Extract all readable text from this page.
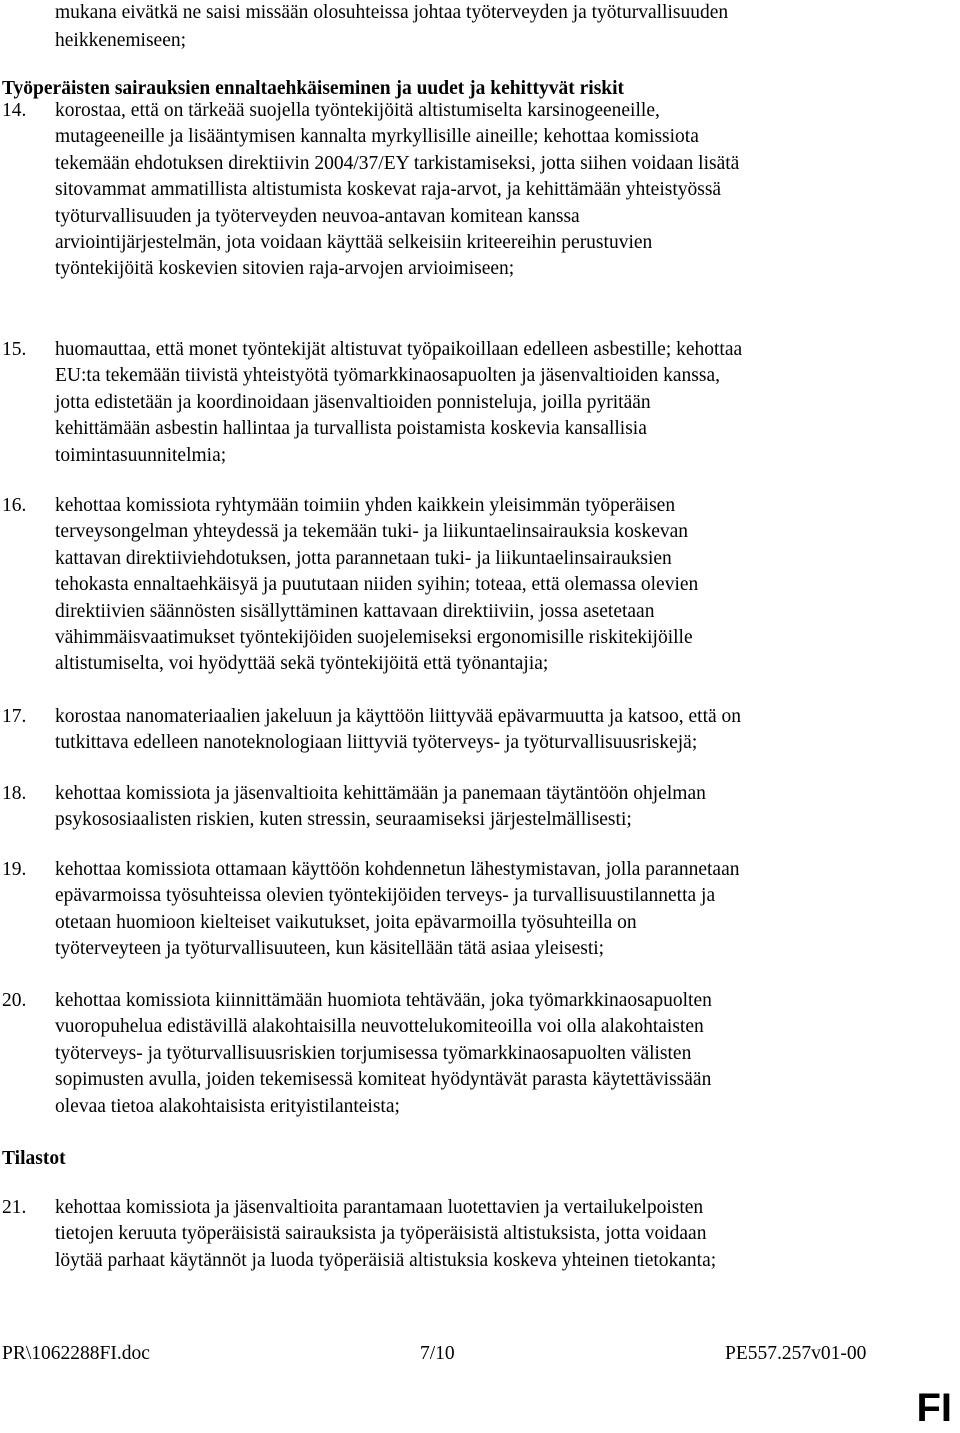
mukana eivätkä ne saisi missään olosuhteissa johtaa työterveyden ja työturvallisuuden
heikkenemiseen;
Työperäisten sairauksien ennaltaehkäiseminen ja uudet ja kehittyvät riskit
14. korostaa, että on tärkeää suojella työntekijöitä altistumiselta karsinogeeneille,
mutageeneille ja lisääntymisen kannalta myrkyllisille aineille; kehottaa komissiota
tekemään ehdotuksen direktiivin 2004/37/EY tarkistamiseksi, jotta siihen voidaan lisätä
sitovammat ammatillista altistumista koskevat raja-arvot, ja kehittämään yhteistyössä
työturvallisuuden ja työterveyden neuvoa-antavan komitean kanssa
arviointijärjestelmän, jota voidaan käyttää selkeisiin kriteereihin perustuvien
työntekijöitä koskevien sitovien raja-arvojen arvioimiseen;
15. huomauttaa, että monet työntekijät altistuvat työpaikoillaan edelleen asbestille; kehottaa
EU:ta tekemään tiivistä yhteistyötä työmarkkinaosapuolten ja jäsenvaltioiden kanssa,
jotta edistetään ja koordinoidaan jäsenvaltioiden ponnisteluja, joilla pyritään
kehittämään asbestin hallintaa ja turvallista poistamista koskevia kansallisia
toimintasuunnitelmia;
16. kehottaa komissiota ryhtymään toimiin yhden kaikkein yleisimmän työperäisen
terveysongelman yhteydessä ja tekemään tuki- ja liikuntaelinsairauksia koskevan
kattavan direktiiviehdotuksen, jotta parannetaan tuki- ja liikuntaelinsairauksien
tehokasta ennaltaehkäisyä ja puututaan niiden syihin; toteaa, että olemassa olevien
direktiivien säännösten sisällyttäminen kattavaan direktiiviin, jossa asetetaan
vähimmäisvaatimukset työntekijöiden suojelemiseksi ergonomisille riskitekijöille
altistumiselta, voi hyödyttää sekä työntekijöitä että työnantajia;
17. korostaa nanomateriaalien jakeluun ja käyttöön liittyvää epävarmuutta ja katsoo, että on
tutkittava edelleen nanoteknologiaan liittyviä työterveys- ja työturvallisuusriskejä;
18. kehottaa komissiota ja jäsenvaltioita kehittämään ja panemaan täytäntöön ohjelman
psykososiaalisten riskien, kuten stressin, seuraamiseksi järjestelmällisesti;
19. kehottaa komissiota ottamaan käyttöön kohdennetun lähestymistavan, jolla parannetaan
epävarmoissa työsuhteissa olevien työntekijöiden terveys- ja turvallisuustilannetta ja
otetaan huomioon kielteiset vaikutukset, joita epävarmoilla työsuhteilla on
työterveyteen ja työturvallisuuteen, kun käsitellään tätä asiaa yleisesti;
20. kehottaa komissiota kiinnittämään huomiota tehtävään, joka työmarkkinaosapuolten
vuoropuhelua edistävillä alakohtaisilla neuvottelukomiteoilla voi olla alakohtaisten
työterveys- ja työturvallisuusriskien torjumisessa työmarkkinaosapuolten välisten
sopimusten avulla, joiden tekemisessä komiteat hyödyntävät parasta käytettävissään
olevaa tietoa alakohtaisista erityistilanteista;
21. kehottaa komissiota ja jäsenvaltioita parantamaan luotettavien ja vertailukelpoisten
tietojen keruuta työperäisistä sairauksista ja työperäisistä altistuksista, jotta voidaan
löytää parhaat käytännöt ja luoda työperäisiä altistuksia koskeva yhteinen tietokanta;
Tilastot
PR\1062288FI.doc	7/10	PE557.257v01-00
FI
